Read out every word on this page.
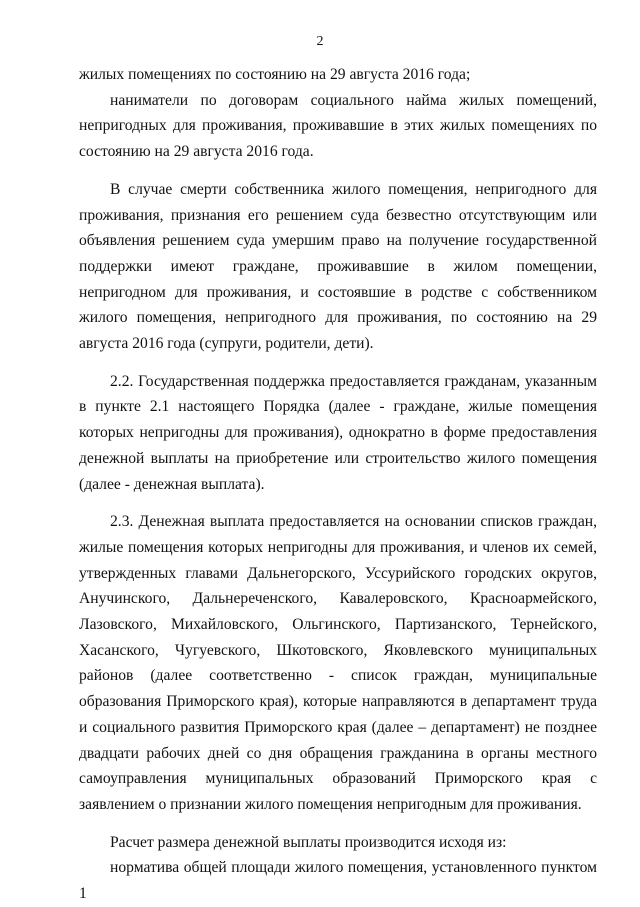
2

жилых помещениях по состоянию на 29 августа 2016 года;

наниматели по договорам социального найма жилых помещений, непригодных для проживания, проживавшие в этих жилых помещениях по состоянию на 29 августа 2016 года.

В случае смерти собственника жилого помещения, непригодного для проживания, признания его решением суда безвестно отсутствующим или объявления решением суда умершим право на получение государственной поддержки имеют граждане, проживавшие в жилом помещении, непригодном для проживания, и состоявшие в родстве с собственником жилого помещения, непригодного для проживания, по состоянию на 29 августа 2016 года (супруги, родители, дети).

2.2. Государственная поддержка предоставляется гражданам, указанным в пункте 2.1 настоящего Порядка (далее - граждане, жилые помещения которых непригодны для проживания), однократно в форме предоставления денежной выплаты на приобретение или строительство жилого помещения (далее - денежная выплата).

2.3. Денежная выплата предоставляется на основании списков граждан, жилые помещения которых непригодны для проживания, и членов их семей, утвержденных главами Дальнегорского, Уссурийского городских округов, Анучинского, Дальнереченского, Кавалеровского, Красноармейского, Лазовского, Михайловского, Ольгинского, Партизанского, Тернейского, Хасанского, Чугуевского, Шкотовского, Яковлевского муниципальных районов (далее соответственно - список граждан, муниципальные образования Приморского края), которые направляются в департамент труда и социального развития Приморского края (далее – департамент) не позднее двадцати рабочих дней со дня обращения гражданина в органы местного самоуправления муниципальных образований Приморского края с заявлением о признании жилого помещения непригодным для проживания.

Расчет размера денежной выплаты производится исходя из:

норматива общей площади жилого помещения, установленного пунктом 1
